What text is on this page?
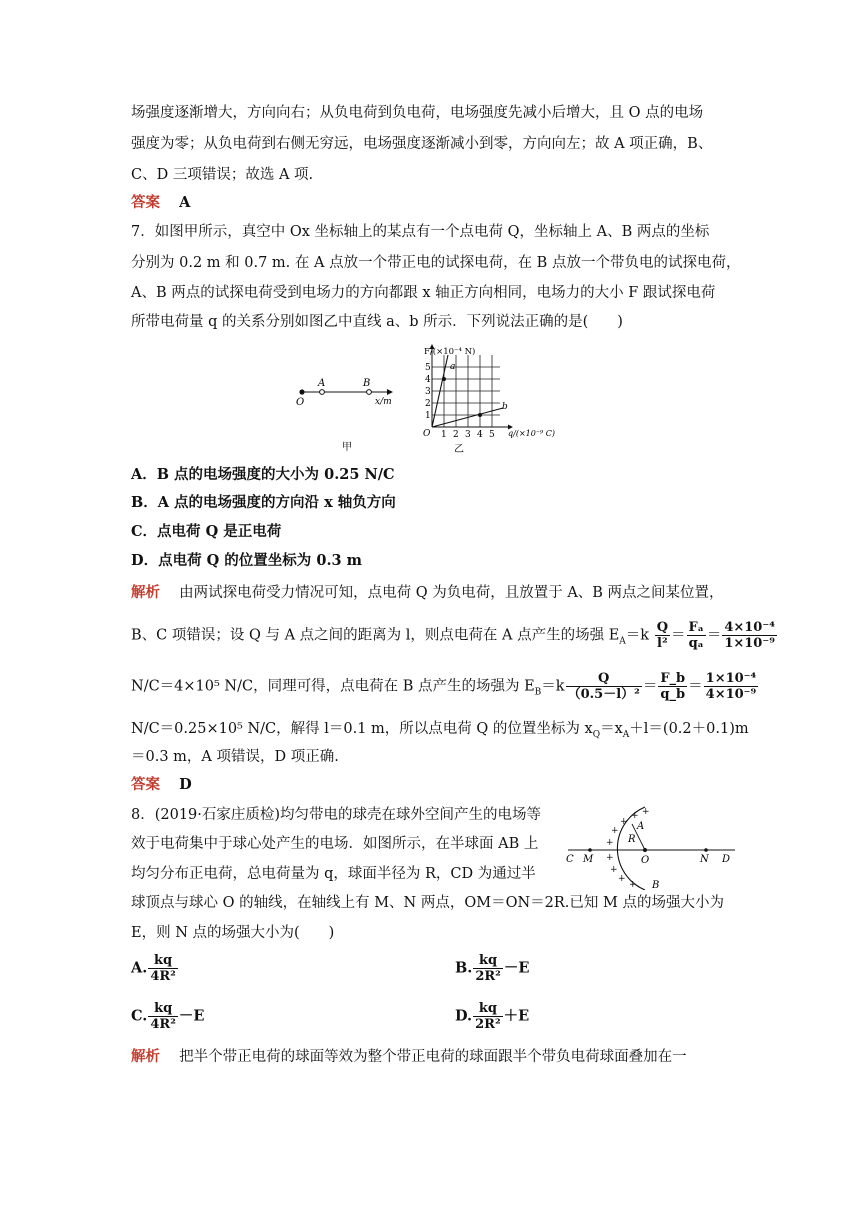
场强度逐渐增大，方向向右；从负电荷到负电荷，电场强度先减小后增大，且 O 点的电场
强度为零；从负电荷到右侧无穷远，电场强度逐渐减小到零，方向向左；故 A 项正确，B、
C、D 三项错误；故选 A 项.
答案　 A
7．如图甲所示，真空中 Ox 坐标轴上的某点有一个点电荷 Q，坐标轴上 A、B 两点的坐标
分别为 0.2 m 和 0.7 m. 在 A 点放一个带正电的试探电荷，在 B 点放一个带负电的试探电荷，
A、B 两点的试探电荷受到电场力的方向都跟 x 轴正方向相同，电场力的大小 F 跟试探电荷
所带电荷量 q 的关系分别如图乙中直线 a、b 所示．下列说法正确的是(　　)
O
A	B
x/m
甲
F/(×10⁻⁴ N)
q/(×10⁻⁹ C)
O
1
2
3
4
5
1 2 3 4 5
a
b
乙
A．B 点的电场强度的大小为 0.25 N/C
B．A 点的电场强度的方向沿 x 轴负方向
C．点电荷 Q 是正电荷
D．点电荷 Q 的位置坐标为 0.3 m
解析　 由两试探电荷受力情况可知，点电荷 Q 为负电荷，且放置于 A、B 两点之间某位置，
B、C 项错误；设 Q 与 A 点之间的距离为 l，则点电荷在 A 点产生的场强 $E_A=k \frac{Q}{\text{l²}} = \frac{\text{Fₐ}}{\text{qₐ}} = \frac{\text{4×10⁻⁴}}{\text{1×10⁻⁹}}$
N/C＝4×10⁵ N/C，同理可得，点电荷在 B 点产生的场强为 $E_B=k \frac{Q}{\text{（0.5－l）²}} = \frac{F\_b}{q\_b} = \frac{\text{1×10⁻⁴}}{\text{4×10⁻⁹}}$
N/C＝0.25×10⁵ N/C，解得 l＝0.1 m，所以点电荷 Q 的位置坐标为 $x_Q=x_A+l=(0.2+0.1)m$
＝0.3 m，A 项错误，D 项正确.
答案　 D
8．(2019·石家庄质检)均匀带电的球壳在球外空间产生的电场等
效于电荷集中于球心处产生的电场．如图所示，在半球面 AB 上
均匀分布正电荷，总电荷量为 q，球面半径为 R，CD 为通过半
球顶点与球心 O 的轴线，在轴线上有 M、N 两点，OM＝ON＝2R.已知 M 点的场强大小为
E，则 N 点的场强大小为(　　)
+
+
+
+
+
+
+
+
+
A
B
C M	O	N D
R
A. $\frac{kq}{\text{4R²}}$	B. $\frac{kq}{\text{2R²}} -E$
C. $\frac{kq}{\text{4R²}} -E$	D. $\frac{kq}{\text{2R²}} +E$
解析　 把半个带正电荷的球面等效为整个带正电荷的球面跟半个带负电荷球面叠加在一
